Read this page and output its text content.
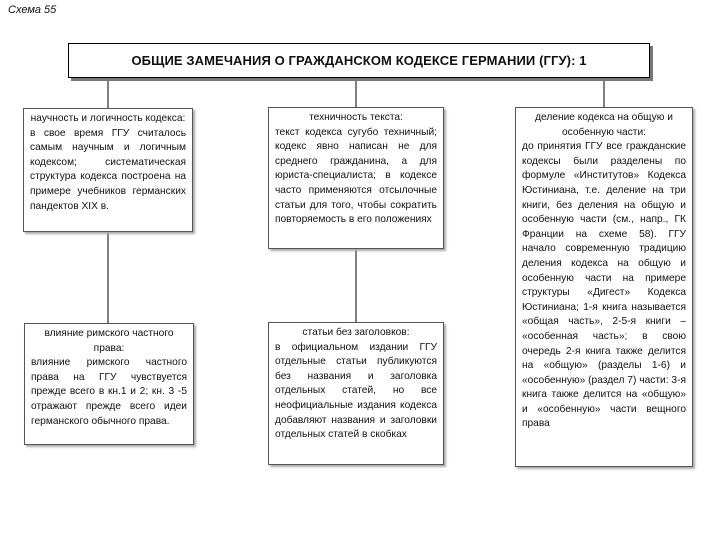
Схема 55
ОБЩИЕ ЗАМЕЧАНИЯ О ГРАЖДАНСКОМ КОДЕКСЕ ГЕРМАНИИ (ГГУ): 1
научность и логичность кодекса:
в свое время ГГУ считалось самым научным и логичным кодексом; систематическая структура кодекса построена на примере учебников германских пандектов XIX в.
техничность текста:
текст кодекса сугубо техничный; кодекс явно написан не для среднего гражданина, а для юриста-специалиста; в кодексе часто применяются отсылочные статьи для того, чтобы сократить повторяемость в его положениях
деление кодекса на общую и особенную части:
до принятия ГГУ все гражданские кодексы были разделены по формуле «Институтов» Кодекса Юстиниана, т.е. деление на три книги, без деления на общую и особенную части (см., напр., ГК Франции на схеме 58). ГГУ начало современную традицию деления кодекса на общую и особенную части на примере структуры «Дигест» Кодекса Юстиниана; 1-я книга называется «общая часть», 2-5-я книги – «особенная часть»; в свою очередь 2-я книга также делится на «общую» (разделы 1-6) и «особенную» (раздел 7) части: 3-я книга также делится на «общую» и «особенную» части вещного права
влияние римского частного права:
влияние римского частного права на ГГУ чувствуется прежде всего в кн.1 и 2; кн. 3 -5 отражают прежде всего идеи германского обычного права.
статьи без заголовков:
в официальном издании ГГУ отдельные статьи публикуются без названия и заголовка отдельных статей, но все неофициальные издания кодекса добавляют названия и заголовки отдельных статей в скобках
